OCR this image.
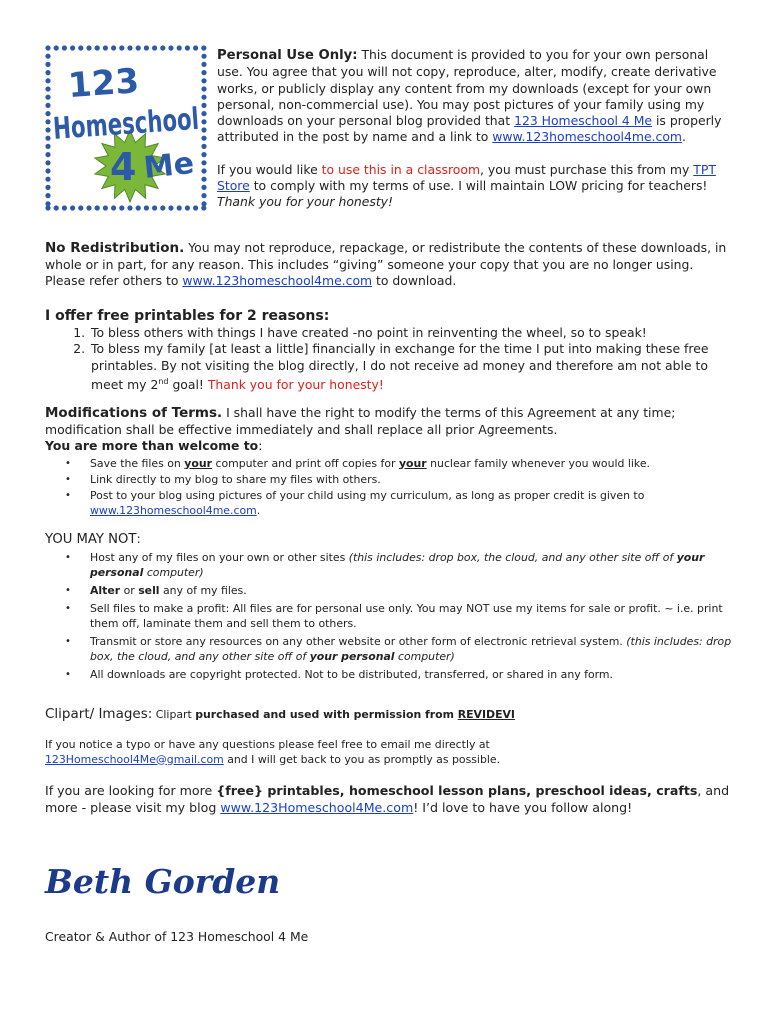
123
Homeschool
4 Me

Personal Use Only: This document is provided to you for your own personal use. You agree that you will not copy, reproduce, alter, modify, create derivative works, or publicly display any content from my downloads (except for your own personal, non-commercial use). You may post pictures of your family using my downloads on your personal blog provided that 123 Homeschool 4 Me is properly attributed in the post by name and a link to www.123homeschool4me.com.

If you would like to use this in a classroom, you must purchase this from my TPT Store to comply with my terms of use. I will maintain LOW pricing for teachers! Thank you for your honesty!

No Redistribution. You may not reproduce, repackage, or redistribute the contents of these downloads, in whole or in part, for any reason. This includes “giving” someone your copy that you are no longer using. Please refer others to www.123homeschool4me.com to download.

I offer free printables for 2 reasons:

1. To bless others with things I have created -no point in reinventing the wheel, so to speak!
2. To bless my family [at least a little] financially in exchange for the time I put into making these free printables. By not visiting the blog directly, I do not receive ad money and therefore am not able to meet my 2nd goal! Thank you for your honesty!

Modifications of Terms. I shall have the right to modify the terms of this Agreement at any time; modification shall be effective immediately and shall replace all prior Agreements.

You are more than welcome to:

• Save the files on your computer and print off copies for your nuclear family whenever you would like.
• Link directly to my blog to share my files with others.
• Post to your blog using pictures of your child using my curriculum, as long as proper credit is given to www.123homeschool4me.com.

YOU MAY NOT:

• Host any of my files on your own or other sites (this includes: drop box, the cloud, and any other site off of your personal computer)
• Alter or sell any of my files.
• Sell files to make a profit: All files are for personal use only. You may NOT use my items for sale or profit. ~ i.e. print them off, laminate them and sell them to others.
• Transmit or store any resources on any other website or other form of electronic retrieval system. (this includes: drop box, the cloud, and any other site off of your personal computer)
• All downloads are copyright protected. Not to be distributed, transferred, or shared in any form.

Clipart/ Images: Clipart purchased and used with permission from REVIDEVI

If you notice a typo or have any questions please feel free to email me directly at 123Homeschool4Me@gmail.com and I will get back to you as promptly as possible.

If you are looking for more {free} printables, homeschool lesson plans, preschool ideas, crafts, and more - please visit my blog www.123Homeschool4Me.com! I’d love to have you follow along!

Beth Gorden
Creator & Author of 123 Homeschool 4 Me
